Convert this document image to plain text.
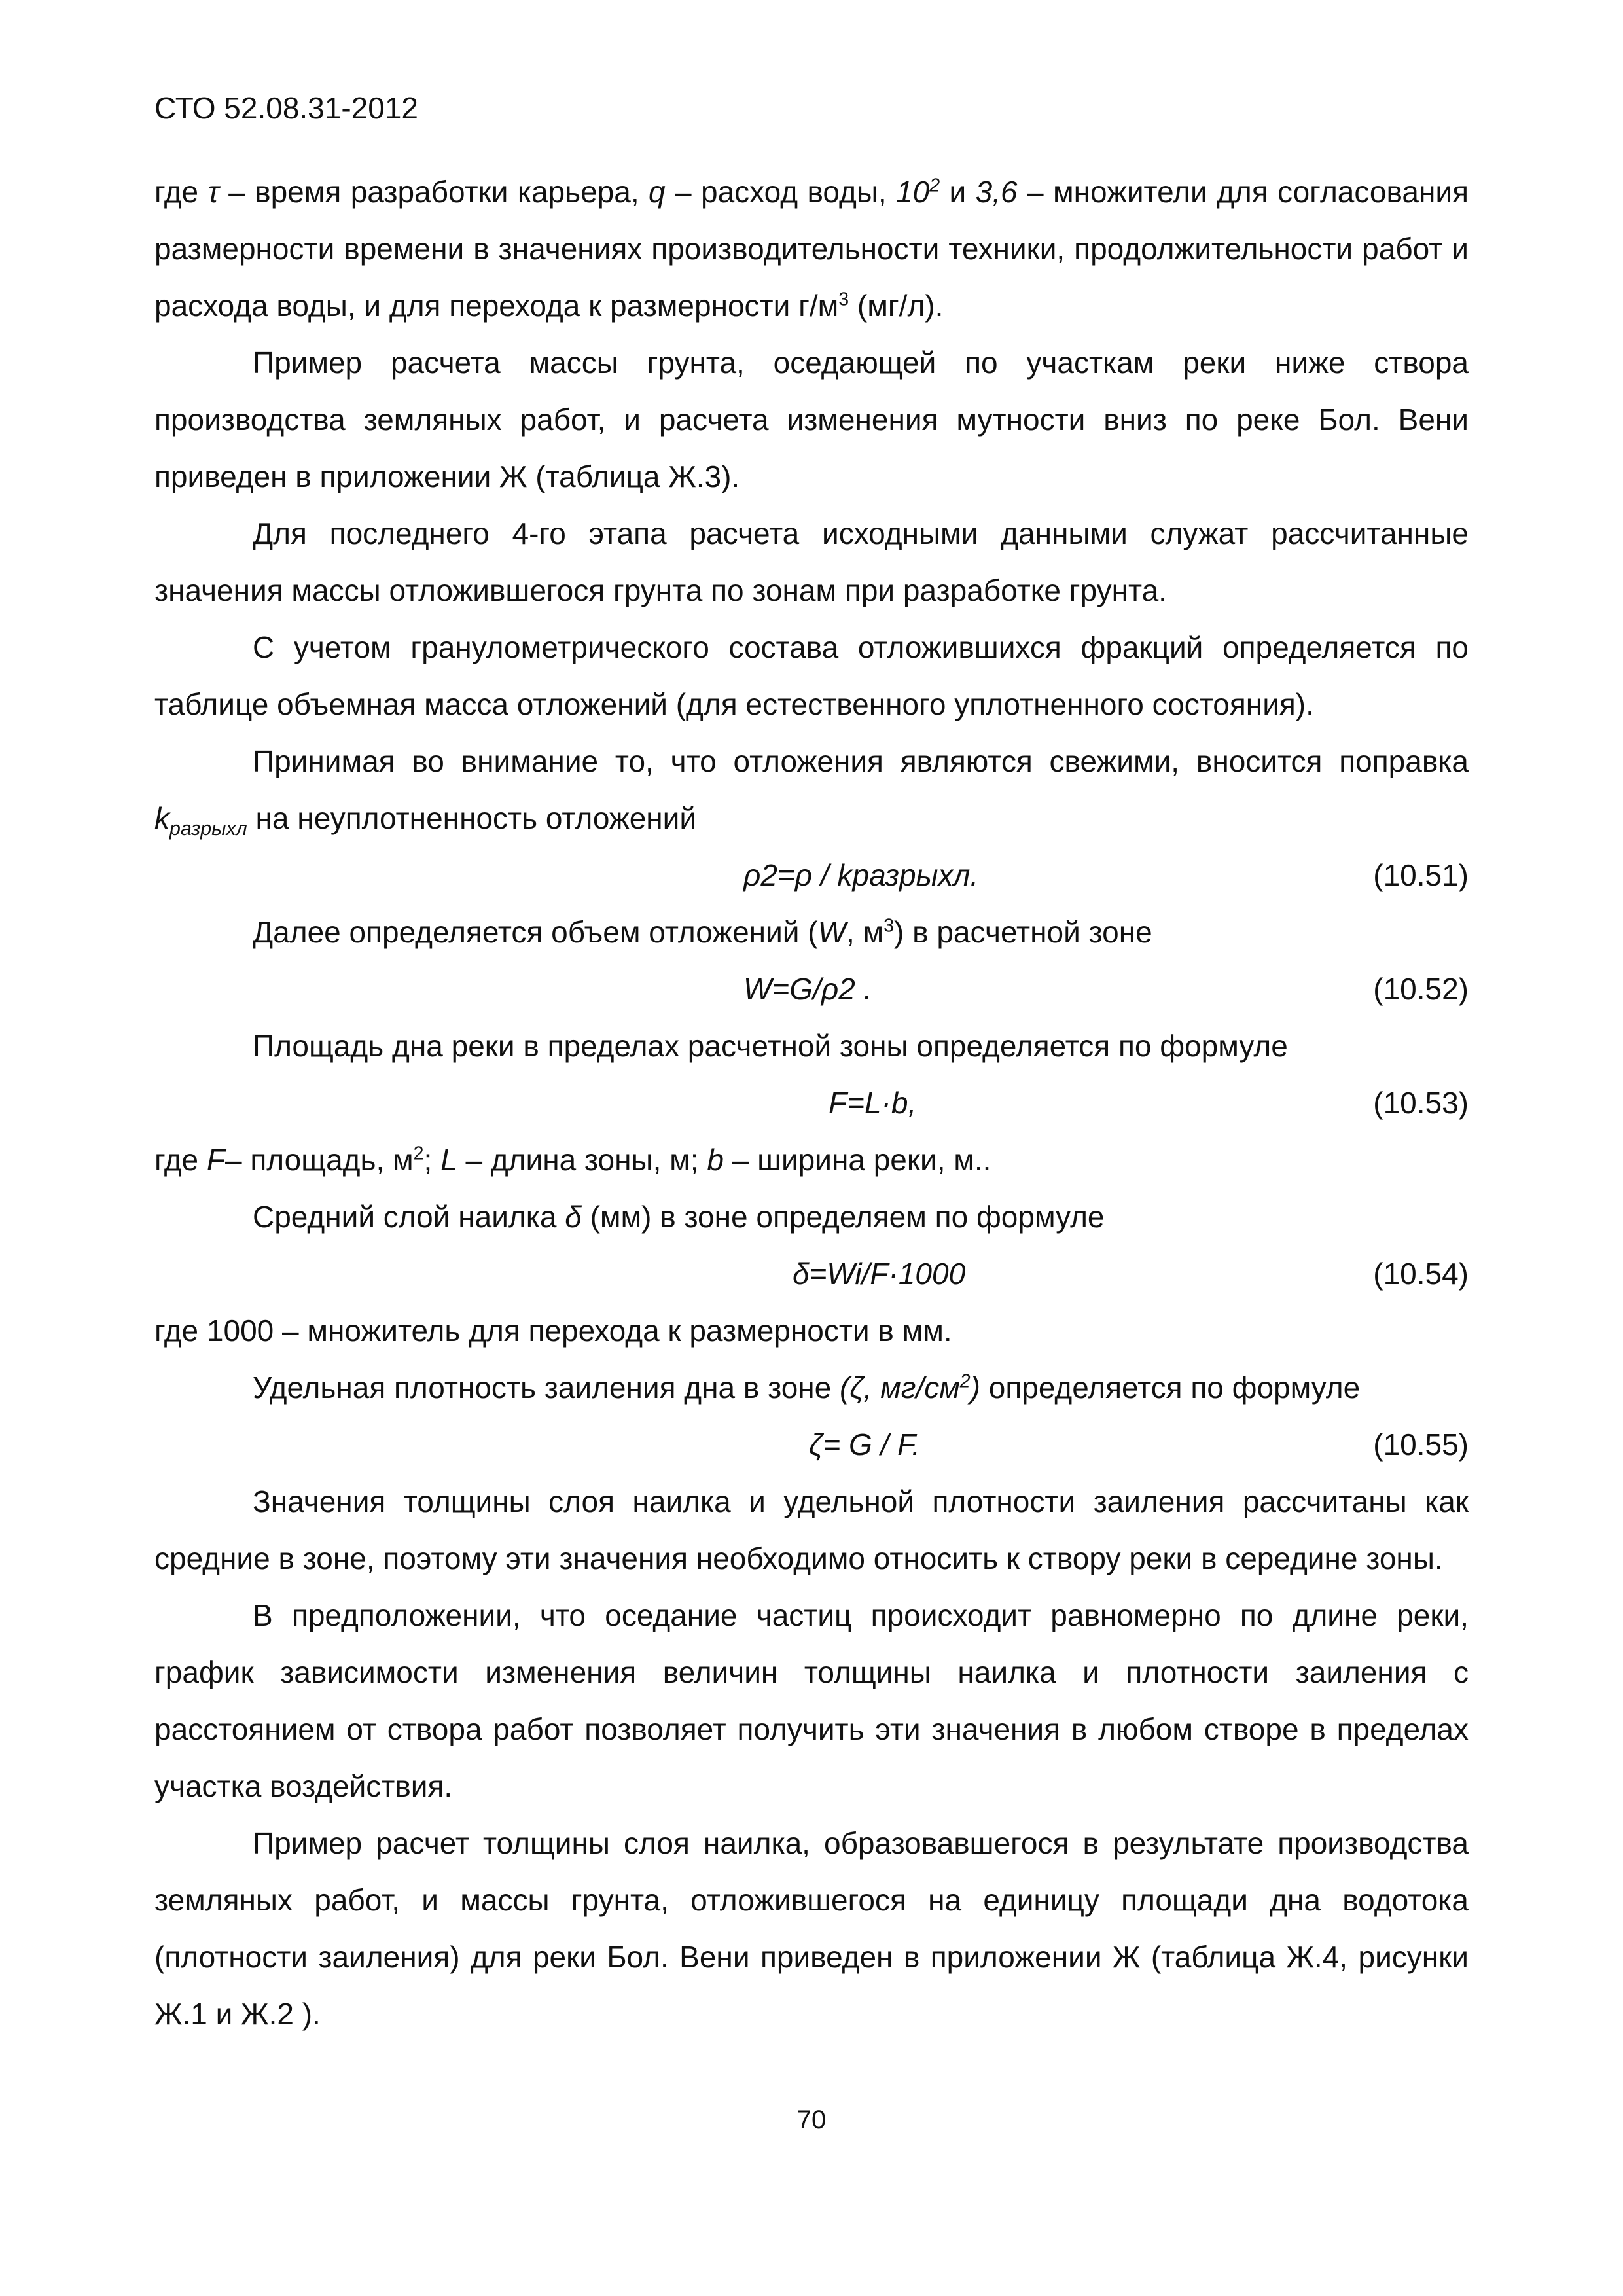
СТО 52.08.31-2012

где τ – время разработки карьера, q – расход воды, $10^2$ и 3,6 – множители для согласования размерности времени в значениях производительности техники, продолжительности работ и расхода воды, и для перехода к размерности $г/м^3$ (мг/л).

Пример расчета массы грунта, оседающей по участкам реки ниже створа производства земляных работ, и расчета изменения мутности вниз по реке Бол. Вени приведен в приложении Ж (таблица Ж.3).

Для последнего 4-го этапа расчета исходными данными служат рассчитанные значения массы отложившегося грунта по зонам при разработке грунта.

С учетом гранулометрического состава отложившихся фракций определяется по таблице объемная масса отложений (для естественного уплотненного состояния).

Принимая во внимание то, что отложения являются свежими, вносится поправка $k_{разрыхл}$ на неуплотненность отложений

ρ2=ρ / kразрыхл.	(10.51)

Далее определяется объем отложений (W, $м^3$) в расчетной зоне

W=G/ρ2 .	(10.52)

Площадь дна реки в пределах расчетной зоны определяется по формуле

F=L·b,	(10.53)

где F– площадь, $м^2$; L – длина зоны, м; b – ширина реки, м..

Средний слой наилка δ (мм) в зоне определяем по формуле

δ=Wi/F·1000	(10.54)

где 1000 – множитель для перехода к размерности в мм.

Удельная плотность заиления дна в зоне (ζ, $мг/см^2$) определяется по формуле

ζ= G / F.	(10.55)

Значения толщины слоя наилка и удельной плотности заиления рассчитаны как средние в зоне, поэтому эти значения необходимо относить к створу реки в середине зоны.

В предположении, что оседание частиц происходит равномерно по длине реки, график зависимости изменения величин толщины наилка и плотности заиления с расстоянием от створа работ позволяет получить эти значения в любом створе в пределах участка воздействия.

Пример расчет толщины слоя наилка, образовавшегося в результате производства земляных работ, и массы грунта, отложившегося на единицу площади дна водотока (плотности заиления) для реки Бол. Вени приведен в приложении Ж (таблица Ж.4, рисунки Ж.1 и Ж.2 ).

70
